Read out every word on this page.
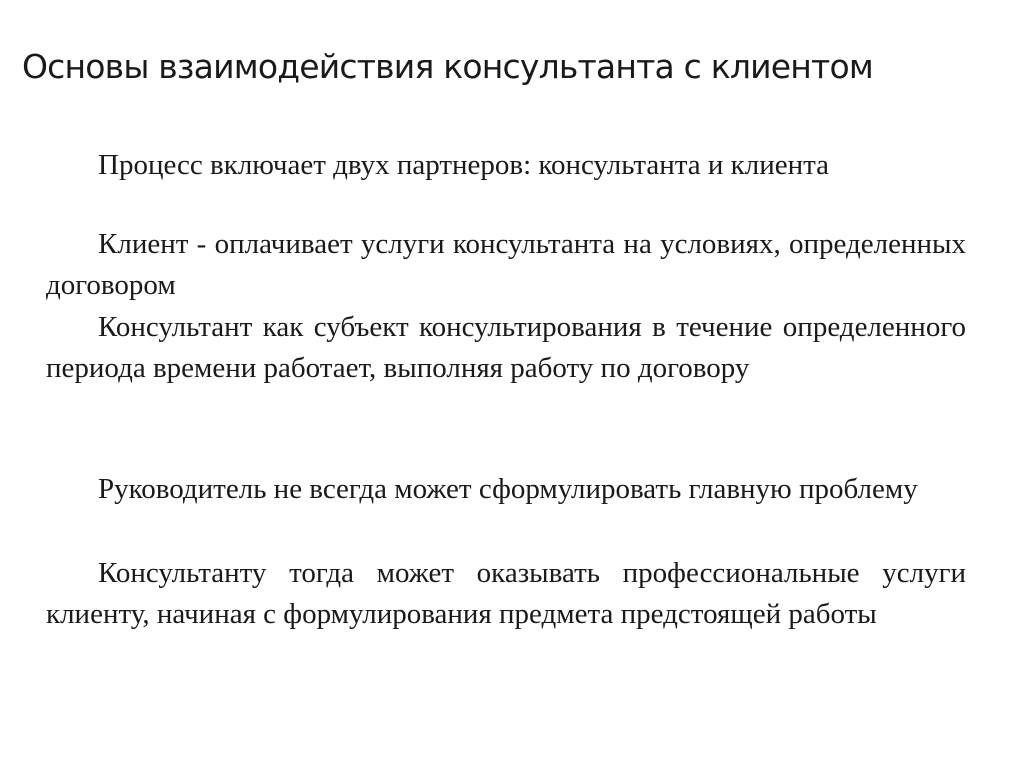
Основы взаимодействия консультанта с клиентом

Процесс включает двух партнеров: консультанта и клиента

Клиент - оплачивает услуги консультанта на условиях, определенных договором

Консультант как субъект консультирования в течение определенного периода времени работает, выполняя работу по договору

Руководитель не всегда может сформулировать главную проблему

Консультанту тогда может оказывать профессиональные услуги клиенту, начиная с формулирования предмета предстоящей работы
